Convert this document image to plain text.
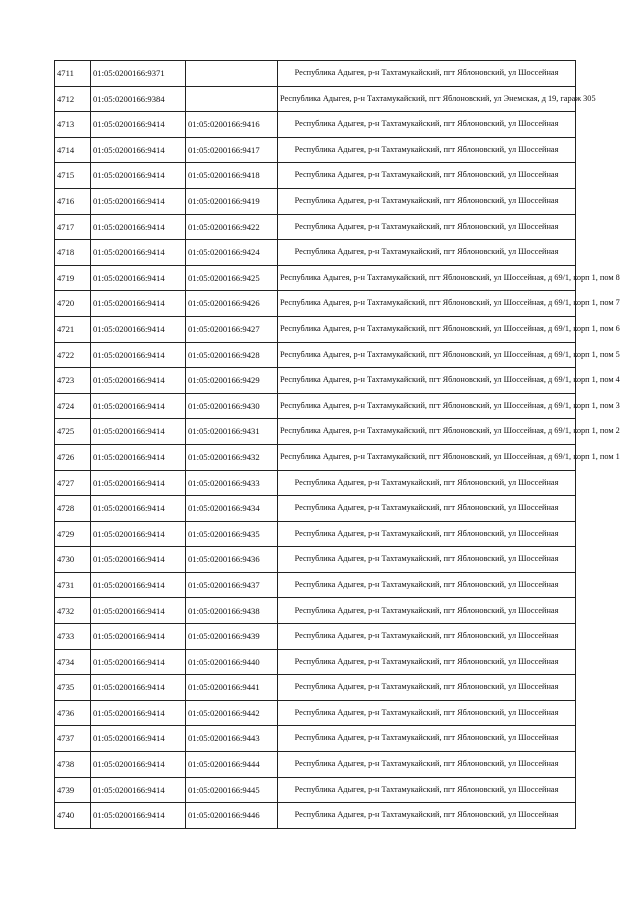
4711	01:05:0200166:9371		Республика Адыгея, р-н Тахтамукайский, пгт Яблоновский, ул Шоссейная
4712	01:05:0200166:9384		Республика Адыгея, р-н Тахтамукайский, пгт Яблоновский, ул Энемская, д 19, гараж 305
4713	01:05:0200166:9414	01:05:0200166:9416	Республика Адыгея, р-н Тахтамукайский, пгт Яблоновский, ул Шоссейная
4714	01:05:0200166:9414	01:05:0200166:9417	Республика Адыгея, р-н Тахтамукайский, пгт Яблоновский, ул Шоссейная
4715	01:05:0200166:9414	01:05:0200166:9418	Республика Адыгея, р-н Тахтамукайский, пгт Яблоновский, ул Шоссейная
4716	01:05:0200166:9414	01:05:0200166:9419	Республика Адыгея, р-н Тахтамукайский, пгт Яблоновский, ул Шоссейная
4717	01:05:0200166:9414	01:05:0200166:9422	Республика Адыгея, р-н Тахтамукайский, пгт Яблоновский, ул Шоссейная
4718	01:05:0200166:9414	01:05:0200166:9424	Республика Адыгея, р-н Тахтамукайский, пгт Яблоновский, ул Шоссейная
4719	01:05:0200166:9414	01:05:0200166:9425	Республика Адыгея, р-н Тахтамукайский, пгт Яблоновский, ул Шоссейная, д 69/1, корп 1, пом 8
4720	01:05:0200166:9414	01:05:0200166:9426	Республика Адыгея, р-н Тахтамукайский, пгт Яблоновский, ул Шоссейная, д 69/1, корп 1, пом 7
4721	01:05:0200166:9414	01:05:0200166:9427	Республика Адыгея, р-н Тахтамукайский, пгт Яблоновский, ул Шоссейная, д 69/1, корп 1, пом 6
4722	01:05:0200166:9414	01:05:0200166:9428	Республика Адыгея, р-н Тахтамукайский, пгт Яблоновский, ул Шоссейная, д 69/1, корп 1, пом 5
4723	01:05:0200166:9414	01:05:0200166:9429	Республика Адыгея, р-н Тахтамукайский, пгт Яблоновский, ул Шоссейная, д 69/1, корп 1, пом 4
4724	01:05:0200166:9414	01:05:0200166:9430	Республика Адыгея, р-н Тахтамукайский, пгт Яблоновский, ул Шоссейная, д 69/1, корп 1, пом 3
4725	01:05:0200166:9414	01:05:0200166:9431	Республика Адыгея, р-н Тахтамукайский, пгт Яблоновский, ул Шоссейная, д 69/1, корп 1, пом 2
4726	01:05:0200166:9414	01:05:0200166:9432	Республика Адыгея, р-н Тахтамукайский, пгт Яблоновский, ул Шоссейная, д 69/1, корп 1, пом 1
4727	01:05:0200166:9414	01:05:0200166:9433	Республика Адыгея, р-н Тахтамукайский, пгт Яблоновский, ул Шоссейная
4728	01:05:0200166:9414	01:05:0200166:9434	Республика Адыгея, р-н Тахтамукайский, пгт Яблоновский, ул Шоссейная
4729	01:05:0200166:9414	01:05:0200166:9435	Республика Адыгея, р-н Тахтамукайский, пгт Яблоновский, ул Шоссейная
4730	01:05:0200166:9414	01:05:0200166:9436	Республика Адыгея, р-н Тахтамукайский, пгт Яблоновский, ул Шоссейная
4731	01:05:0200166:9414	01:05:0200166:9437	Республика Адыгея, р-н Тахтамукайский, пгт Яблоновский, ул Шоссейная
4732	01:05:0200166:9414	01:05:0200166:9438	Республика Адыгея, р-н Тахтамукайский, пгт Яблоновский, ул Шоссейная
4733	01:05:0200166:9414	01:05:0200166:9439	Республика Адыгея, р-н Тахтамукайский, пгт Яблоновский, ул Шоссейная
4734	01:05:0200166:9414	01:05:0200166:9440	Республика Адыгея, р-н Тахтамукайский, пгт Яблоновский, ул Шоссейная
4735	01:05:0200166:9414	01:05:0200166:9441	Республика Адыгея, р-н Тахтамукайский, пгт Яблоновский, ул Шоссейная
4736	01:05:0200166:9414	01:05:0200166:9442	Республика Адыгея, р-н Тахтамукайский, пгт Яблоновский, ул Шоссейная
4737	01:05:0200166:9414	01:05:0200166:9443	Республика Адыгея, р-н Тахтамукайский, пгт Яблоновский, ул Шоссейная
4738	01:05:0200166:9414	01:05:0200166:9444	Республика Адыгея, р-н Тахтамукайский, пгт Яблоновский, ул Шоссейная
4739	01:05:0200166:9414	01:05:0200166:9445	Республика Адыгея, р-н Тахтамукайский, пгт Яблоновский, ул Шоссейная
4740	01:05:0200166:9414	01:05:0200166:9446	Республика Адыгея, р-н Тахтамукайский, пгт Яблоновский, ул Шоссейная
